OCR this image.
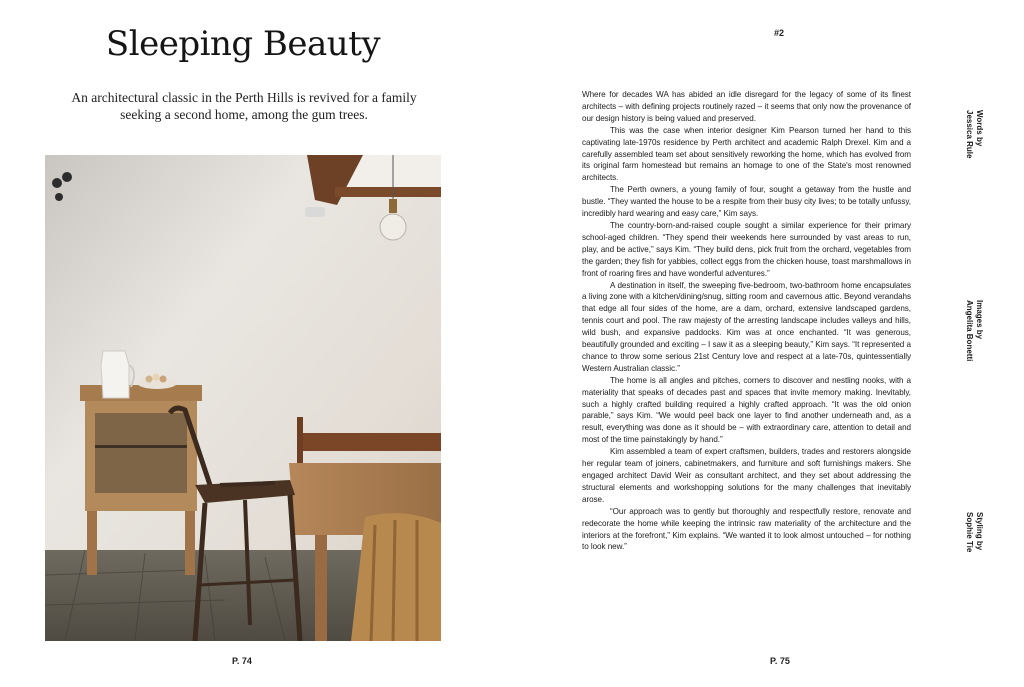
Sleeping Beauty

An architectural classic in the Perth Hills is revived for a family seeking a second home, among the gum trees.

P. 74
#2

Where for decades WA has abided an idle disregard for the legacy of some of its finest architects – with defining projects routinely razed – it seems that only now the provenance of our design history is being valued and preserved.

This was the case when interior designer Kim Pearson turned her hand to this captivating late-1970s residence by Perth architect and academic Ralph Drexel. Kim and a carefully assembled team set about sensitively reworking the home, which has evolved from its original farm homestead but remains an homage to one of the State's most renowned architects.

The Perth owners, a young family of four, sought a getaway from the hustle and bustle. “They wanted the house to be a respite from their busy city lives; to be totally unfussy, incredibly hard wearing and easy care,” Kim says.

The country-born-and-raised couple sought a similar experience for their primary school-aged children. “They spend their weekends here surrounded by vast areas to run, play, and be active,” says Kim. “They build dens, pick fruit from the orchard, vegetables from the garden; they fish for yabbies, collect eggs from the chicken house, toast marshmallows in front of roaring fires and have wonderful adventures.”

A destination in itself, the sweeping five-bedroom, two-bathroom home encapsulates a living zone with a kitchen/dining/snug, sitting room and cavernous attic. Beyond verandahs that edge all four sides of the home, are a dam, orchard, extensive landscaped gardens, tennis court and pool. The raw majesty of the arresting landscape includes valleys and hills, wild bush, and expansive paddocks. Kim was at once enchanted. “It was generous, beautifully grounded and exciting – I saw it as a sleeping beauty,” Kim says. “It represented a chance to throw some serious 21st Century love and respect at a late-70s, quintessentially Western Australian classic.”

The home is all angles and pitches, corners to discover and nestling nooks, with a materiality that speaks of decades past and spaces that invite memory making. Inevitably, such a highly crafted building required a highly crafted approach. “It was the old onion parable,” says Kim. “We would peel back one layer to find another underneath and, as a result, everything was done as it should be – with extraordinary care, attention to detail and most of the time painstakingly by hand.”

Kim assembled a team of expert craftsmen, builders, trades and restorers alongside her regular team of joiners, cabinetmakers, and furniture and soft furnishings makers. She engaged architect David Weir as consultant architect, and they set about addressing the structural elements and workshopping solutions for the many challenges that inevitably arose.

“Our approach was to gently but thoroughly and respectfully restore, renovate and redecorate the home while keeping the intrinsic raw materiality of the architecture and the interiors at the forefront,” Kim explains. “We wanted it to look almost untouched – for nothing to look new.”

Words by
Jessica Rule
Images by
Angelita Bonetti
Styling by
Sophie Tie
P. 75
